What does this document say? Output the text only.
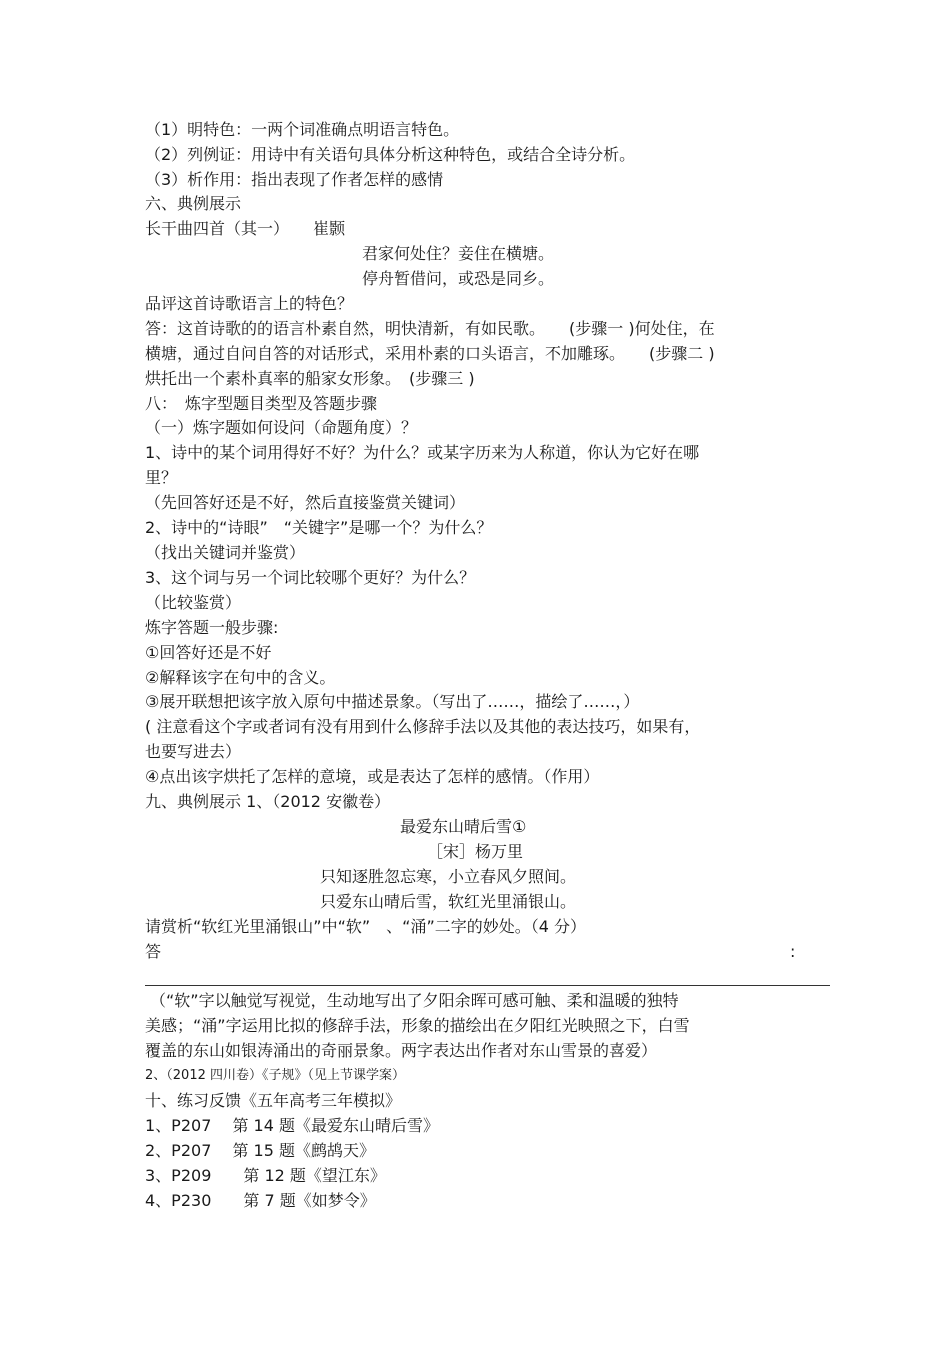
（1）明特色：一两个词准确点明语言特色。
（2）列例证：用诗中有关语句具体分析这种特色，或结合全诗分析。
（3）析作用：指出表现了作者怎样的感情
六、典例展示
长干曲四首（其一）　　崔颢
君家何处住？妾住在横塘。
停舟暂借问，或恐是同乡。
品评这首诗歌语言上的特色？
答：这首诗歌的的语言朴素自然，明快清新，有如民歌。　　(步骤一 )何处住，在
横塘，通过自问自答的对话形式，采用朴素的口头语言，不加雕琢。　　(步骤二 )
烘托出一个素朴真率的船家女形象。　(步骤三 )
八：　炼字型题目类型及答题步骤
（一）炼字题如何设问（命题角度）？
1、诗中的某个词用得好不好？为什么？或某字历来为人称道，你认为它好在哪
里？
（先回答好还是不好，然后直接鉴赏关键词）
2、诗中的“诗眼”　“关键字”是哪一个？为什么？
（找出关键词并鉴赏）
3、这个词与另一个词比较哪个更好？为什么？
（比较鉴赏）
炼字答题一般步骤:
①回答好还是不好
②解释该字在句中的含义。
③展开联想把该字放入原句中描述景象。（写出了……，描绘了……，）
( 注意看这个字或者词有没有用到什么修辞手法以及其他的表达技巧，如果有，
也要写进去）
④点出该字烘托了怎样的意境，或是表达了怎样的感情。（作用）
九、典例展示 1、（2012 安徽卷）
最爱东山晴后雪①
［宋］杨万里
只知逐胜忽忘寒，小立春风夕照间。
只爱东山晴后雪，软红光里涌银山。
请赏析“软红光里涌银山”中“软”　、“涌”二字的妙处。（4 分）
答	:
（“软”字以触觉写视觉，生动地写出了夕阳余晖可感可触、柔和温暖的独特
美感；“涌”字运用比拟的修辞手法，形象的描绘出在夕阳红光映照之下，白雪
覆盖的东山如银涛涌出的奇丽景象。两字表达出作者对东山雪景的喜爱）
2、（2012 四川卷）《子规》（见上节课学案）
十、练习反馈《五年高考三年模拟》
1、P207　 第 14 题《最爱东山晴后雪》
2、P207　 第 15 题《鹧鸪天》
3、P209　　第 12 题《望江东》
4、P230　　第 7 题《如梦令》
